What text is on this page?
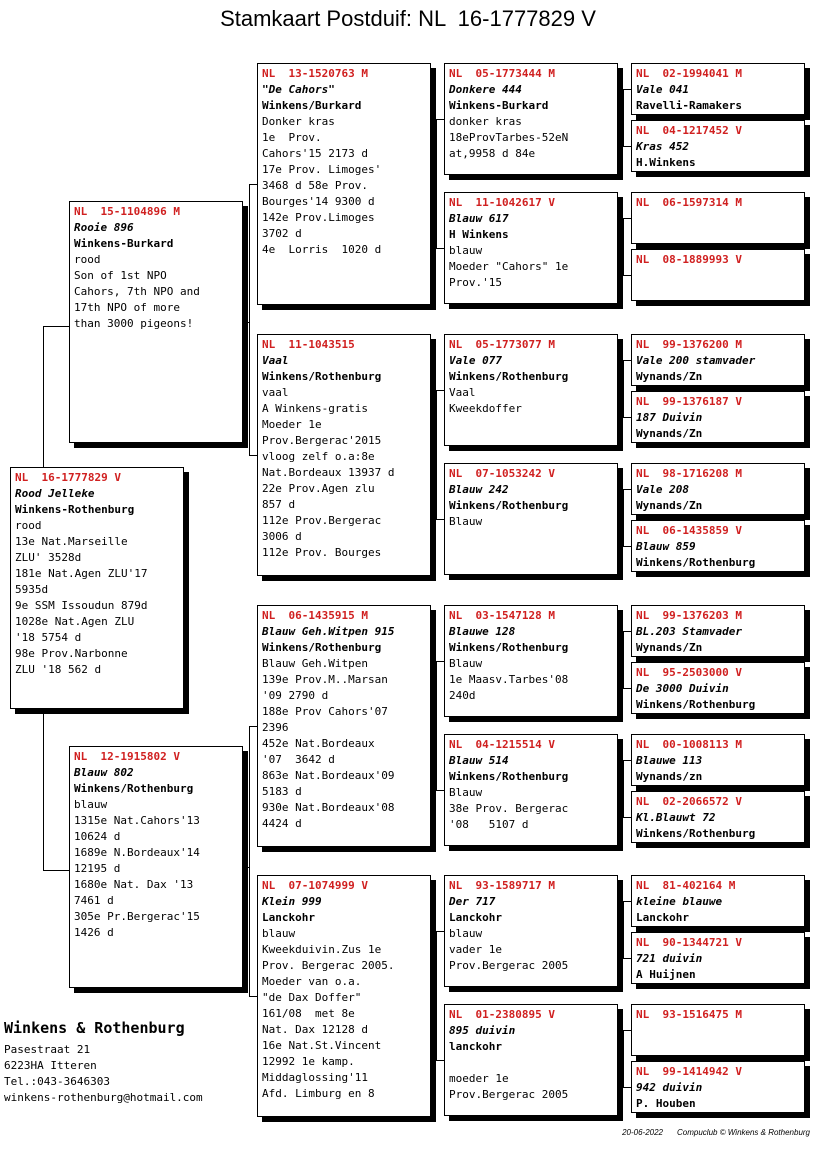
Stamkaart Postduif: NL  16-1777829 V
NL  16-1777829 V
Rood Jelleke
Winkens-Rothenburg
rood
13e Nat.Marseille
ZLU' 3528d
181e Nat.Agen ZLU'17
5935d
9e SSM Issoudun 879d
1028e Nat.Agen ZLU
'18 5754 d
98e Prov.Narbonne
ZLU '18 562 d
NL  15-1104896 M
Rooie 896
Winkens-Burkard
rood
Son of 1st NPO
Cahors, 7th NPO and
17th NPO of more
than 3000 pigeons!
NL  12-1915802 V
Blauw 802
Winkens/Rothenburg
blauw
1315e Nat.Cahors'13
10624 d
1689e N.Bordeaux'14
12195 d
1680e Nat. Dax '13
7461 d
305e Pr.Bergerac'15
1426 d
NL  13-1520763 M
"De Cahors"
Winkens/Burkard
Donker kras
1e  Prov.
Cahors'15 2173 d
17e Prov. Limoges'
3468 d 58e Prov.
Bourges'14 9300 d
142e Prov.Limoges
3702 d
4e  Lorris  1020 d
NL  11-1043515
Vaal
Winkens/Rothenburg
vaal
A Winkens-gratis
Moeder 1e
Prov.Bergerac'2015
vloog zelf o.a:8e
Nat.Bordeaux 13937 d
22e Prov.Agen zlu
857 d
112e Prov.Bergerac
3006 d
112e Prov. Bourges
NL  06-1435915 M
Blauw Geh.Witpen 915
Winkens/Rothenburg
Blauw Geh.Witpen
139e Prov.M..Marsan
'09 2790 d
188e Prov Cahors'07
2396
452e Nat.Bordeaux
'07  3642 d
863e Nat.Bordeaux'09
5183 d
930e Nat.Bordeaux'08
4424 d
NL  07-1074999 V
Klein 999
Lanckohr
blauw
Kweekduivin.Zus 1e
Prov. Bergerac 2005.
Moeder van o.a.
"de Dax Doffer"
161/08  met 8e
Nat. Dax 12128 d
16e Nat.St.Vincent
12992 1e kamp.
Middaglossing'11
Afd. Limburg en 8
NL  05-1773444 M
Donkere 444
Winkens-Burkard
donker kras
18eProvTarbes-52eN
at,9958 d 84e
NL  11-1042617 V
Blauw 617
H Winkens
blauw
Moeder "Cahors" 1e
Prov.'15
NL  05-1773077 M
Vale 077
Winkens/Rothenburg
Vaal
Kweekdoffer
NL  07-1053242 V
Blauw 242
Winkens/Rothenburg
Blauw
NL  03-1547128 M
Blauwe 128
Winkens/Rothenburg
Blauw
1e Maasv.Tarbes'08
240d
NL  04-1215514 V
Blauw 514
Winkens/Rothenburg
Blauw
38e Prov. Bergerac
'08   5107 d
NL  93-1589717 M
Der 717
Lanckohr
blauw
vader 1e
Prov.Bergerac 2005
NL  01-2380895 V
895 duivin
lanckohr

moeder 1e
Prov.Bergerac 2005
NL  02-1994041 M
Vale 041
Ravelli-Ramakers
NL  04-1217452 V
Kras 452
H.Winkens
NL  06-1597314 M

NL  08-1889993 V

NL  99-1376200 M
Vale 200 stamvader
Wynands/Zn
NL  99-1376187 V
187 Duivin
Wynands/Zn
NL  98-1716208 M
Vale 208
Wynands/Zn
NL  06-1435859 V
Blauw 859
Winkens/Rothenburg
NL  99-1376203 M
BL.203 Stamvader
Wynands/Zn
NL  95-2503000 V
De 3000 Duivin
Winkens/Rothenburg
NL  00-1008113 M
Blauwe 113
Wynands/zn
NL  02-2066572 V
Kl.Blauwt 72
Winkens/Rothenburg
NL  81-402164 M
kleine blauwe
Lanckohr
NL  90-1344721 V
721 duivin
A Huijnen
NL  93-1516475 M

NL  99-1414942 V
942 duivin
P. Houben
Winkens & Rothenburg
Pasestraat 21
6223HA Itteren
Tel.:043-3646303
winkens-rothenburg@hotmail.com
20-06-2022 Compuclub © Winkens & Rothenburg
